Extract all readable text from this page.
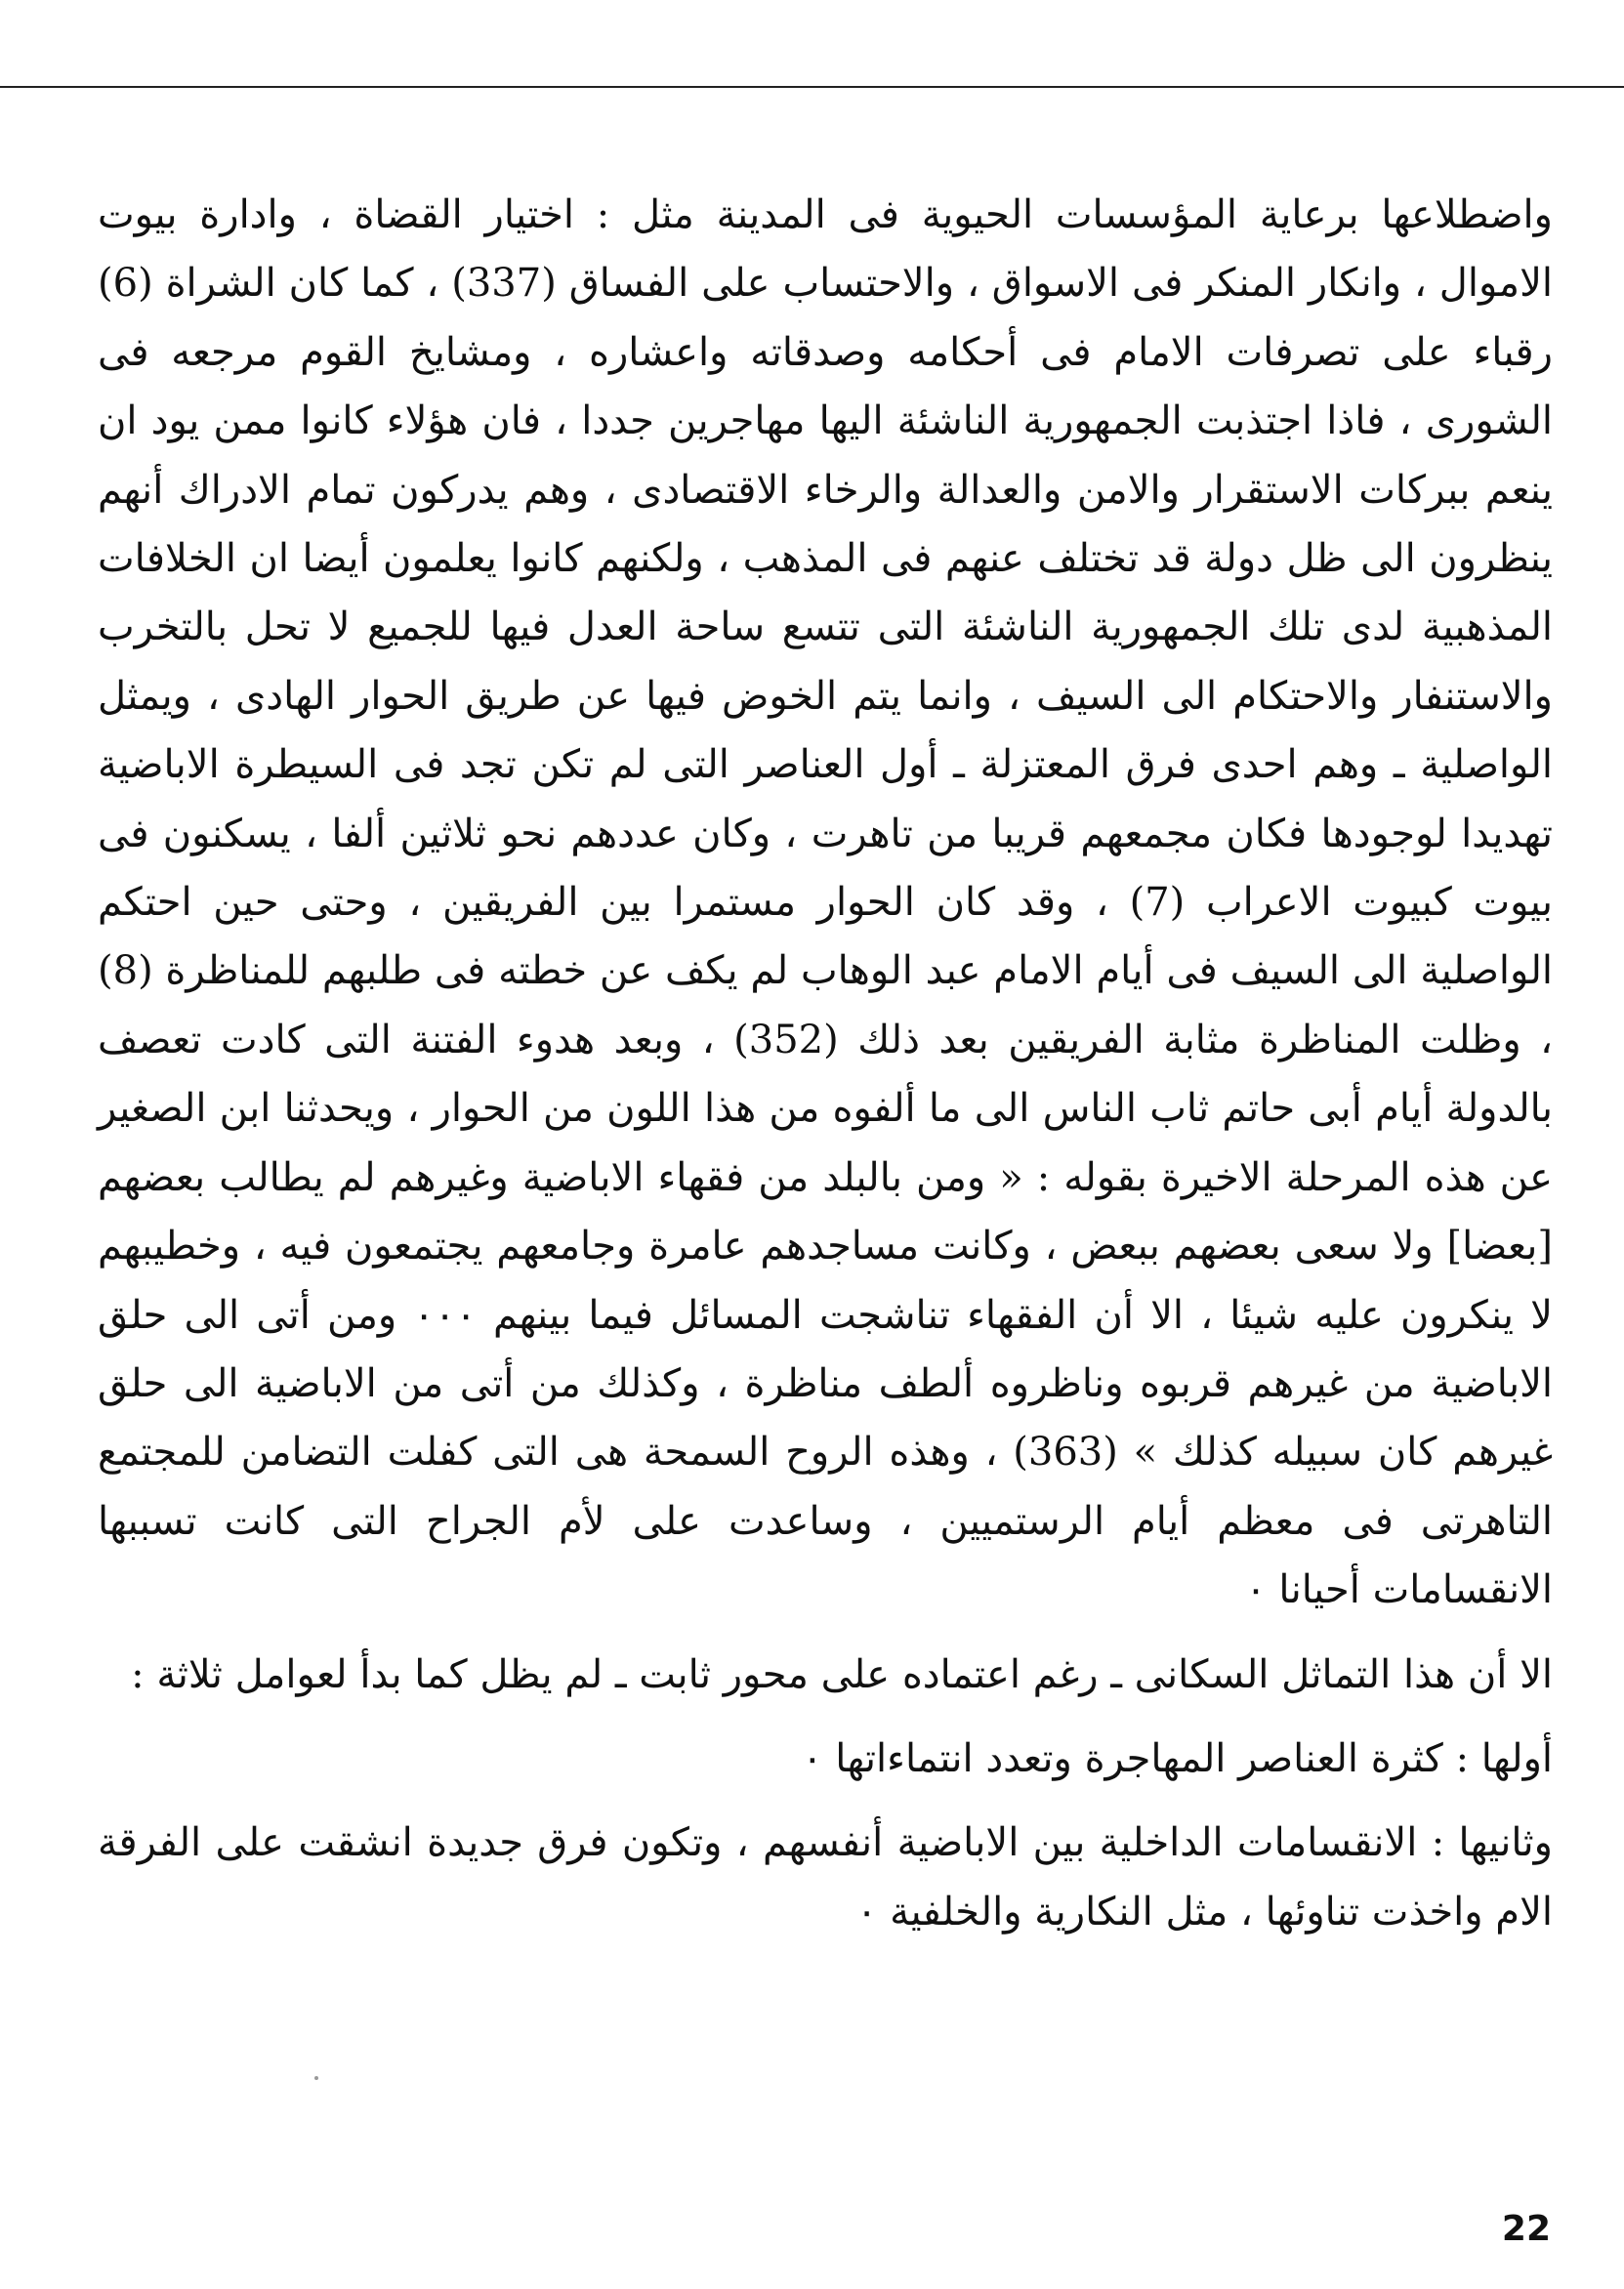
واضطلاعها برعاية المؤسسات الحيوية فى المدينة مثل : اختيار القضاة ، وادارة بيوت الاموال ، وانكار المنكر فى الاسواق ، والاحتساب على الفساق (337) ، كما كان الشراة (6) رقباء على تصرفات الامام فى أحكامه وصدقاته واعشاره ، ومشايخ القوم مرجعه فى الشورى ، فاذا اجتذبت الجمهورية الناشئة اليها مهاجرين جددا ، فان هؤلاء كانوا ممن يود ان ينعم ببركات الاستقرار والامن والعدالة والرخاء الاقتصادى ، وهم يدركون تمام الادراك أنهم ينظرون الى ظل دولة قد تختلف عنهم فى المذهب ، ولكنهم كانوا يعلمون أيضا ان الخلافات المذهبية لدى تلك الجمهورية الناشئة التى تتسع ساحة العدل فيها للجميع لا تحل بالتخرب والاستنفار والاحتكام الى السيف ، وانما يتم الخوض فيها عن طريق الحوار الهادى ، ويمثل الواصلية ـ وهم احدى فرق المعتزلة ـ أول العناصر التى لم تكن تجد فى السيطرة الاباضية تهديدا لوجودها فكان مجمعهم قريبا من تاهرت ، وكان عددهم نحو ثلاثين ألفا ، يسكنون فى بيوت كبيوت الاعراب (7) ، وقد كان الحوار مستمرا بين الفريقين ، وحتى حين احتكم الواصلية الى السيف فى أيام الامام عبد الوهاب لم يكف عن خطته فى طلبهم للمناظرة (8) ، وظلت المناظرة مثابة الفريقين بعد ذلك (352) ، وبعد هدوء الفتنة التى كادت تعصف بالدولة أيام أبى حاتم ثاب الناس الى ما ألفوه من هذا اللون من الحوار ، ويحدثنا ابن الصغير عن هذه المرحلة الاخيرة بقوله : « ومن بالبلد من فقهاء الاباضية وغيرهم لم يطالب بعضهم [بعضا] ولا سعى بعضهم ببعض ، وكانت مساجدهم عامرة وجامعهم يجتمعون فيه ، وخطيبهم لا ينكرون عليه شيئا ، الا أن الفقهاء تناشجت المسائل فيما بينهم ٠٠٠ ومن أتى الى حلق الاباضية من غيرهم قربوه وناظروه ألطف مناظرة ، وكذلك من أتى من الاباضية الى حلق غيرهم كان سبيله كذلك » (363) ، وهذه الروح السمحة هى التى كفلت التضامن للمجتمع التاهرتى فى معظم أيام الرستميين ، وساعدت على لأم الجراح التى كانت تسببها الانقسامات أحيانا ٠

الا أن هذا التماثل السكانى ـ رغم اعتماده على محور ثابت ـ لم يظل كما بدأ لعوامل ثلاثة :

أولها : كثرة العناصر المهاجرة وتعدد انتماءاتها ٠

وثانيها : الانقسامات الداخلية بين الاباضية أنفسهم ، وتكون فرق جديدة انشقت على الفرقة الام واخذت تناوئها ، مثل النكارية والخلفية ٠

22
